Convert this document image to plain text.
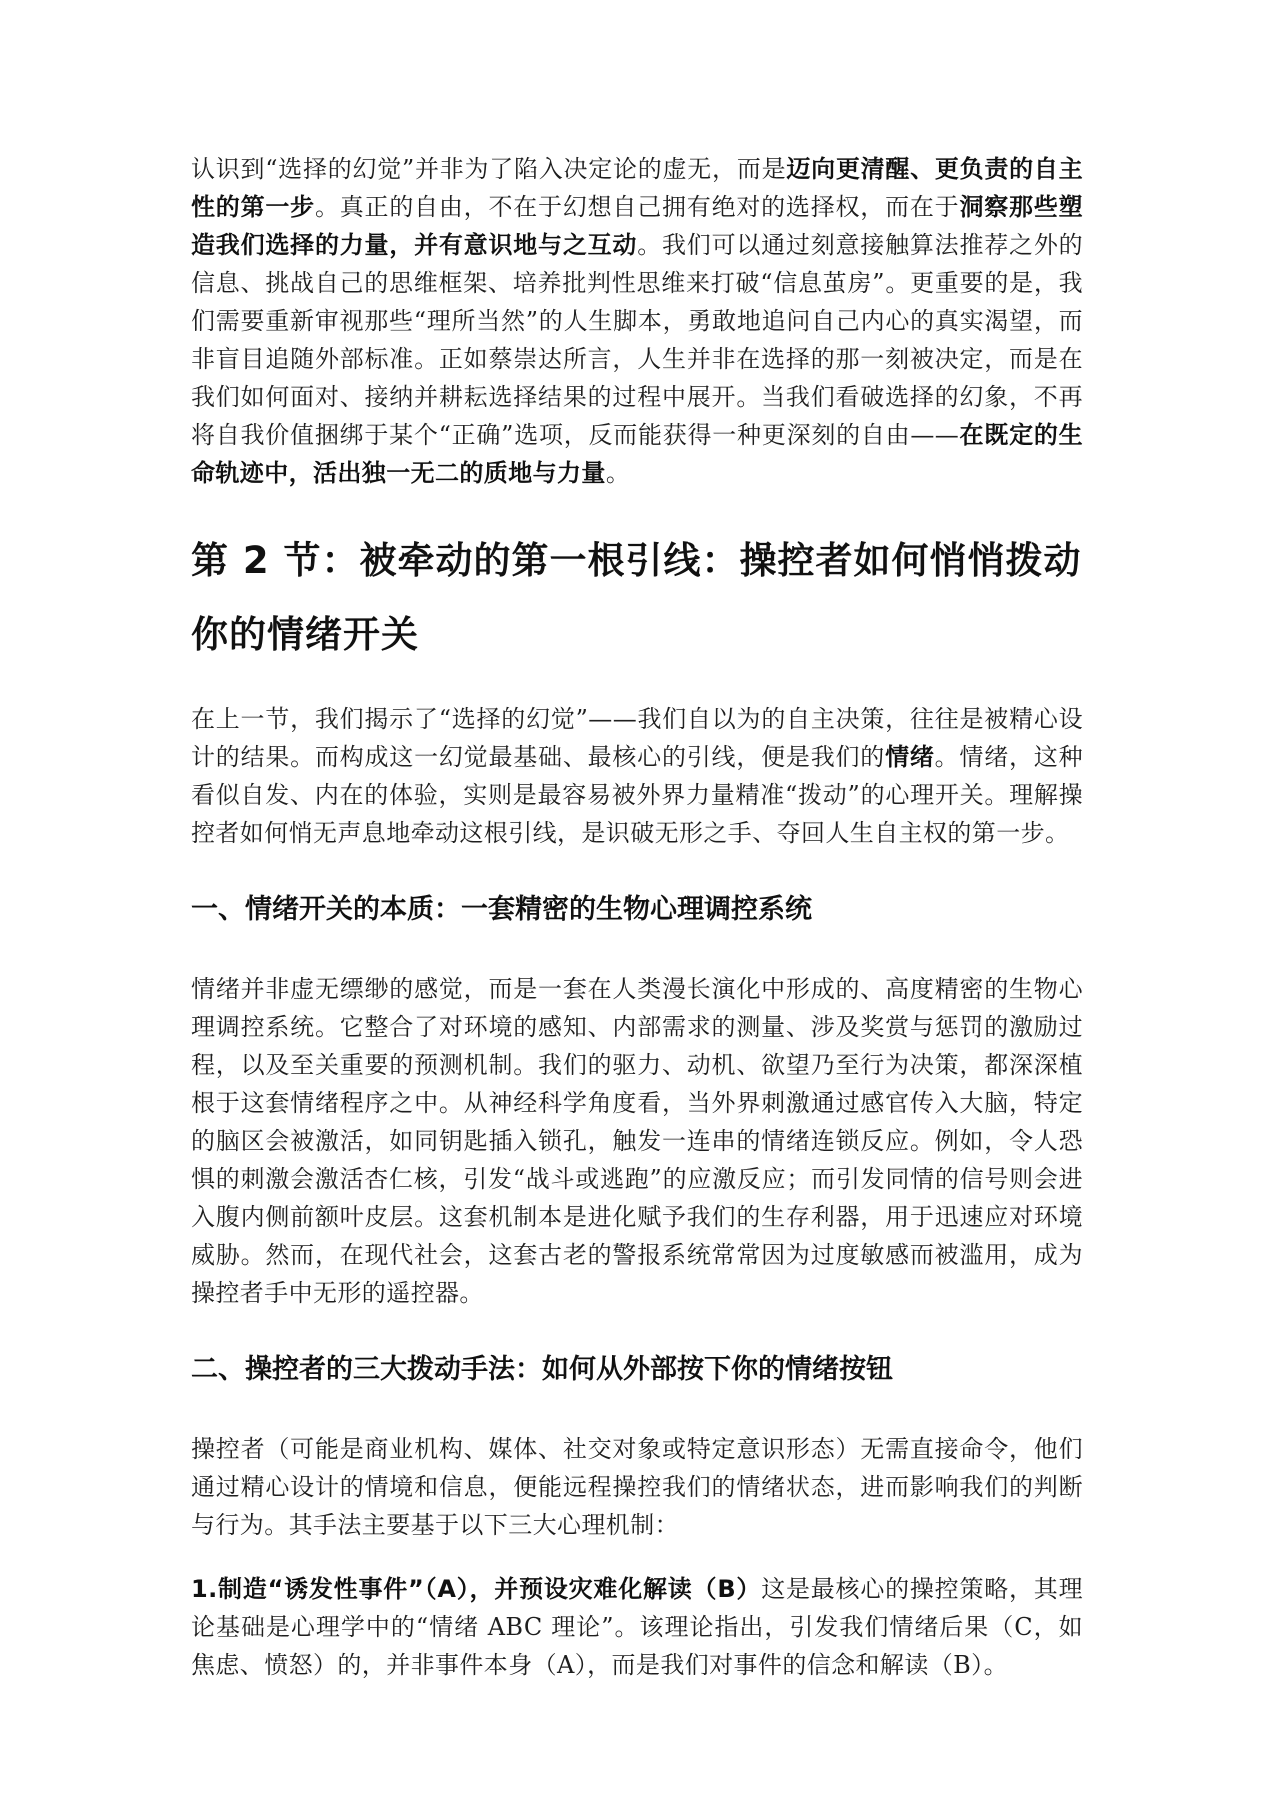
认识到“选择的幻觉”并非为了陷入决定论的虚无，而是迈向更清醒、更负责的自主性的第一步。真正的自由，不在于幻想自己拥有绝对的选择权，而在于洞察那些塑造我们选择的力量，并有意识地与之互动。我们可以通过刻意接触算法推荐之外的信息、挑战自己的思维框架、培养批判性思维来打破“信息茧房”。更重要的是，我们需要重新审视那些“理所当然”的人生脚本，勇敢地追问自己内心的真实渴望，而非盲目追随外部标准。正如蔡崇达所言，人生并非在选择的那一刻被决定，而是在我们如何面对、接纳并耕耘选择结果的过程中展开。当我们看破选择的幻象，不再将自我价值捆绑于某个“正确”选项，反而能获得一种更深刻的自由——在既定的生命轨迹中，活出独一无二的质地与力量。

第 2 节：被牵动的第一根引线：操控者如何悄悄拨动你的情绪开关

在上一节，我们揭示了“选择的幻觉”——我们自以为的自主决策，往往是被精心设计的结果。而构成这一幻觉最基础、最核心的引线，便是我们的情绪。情绪，这种看似自发、内在的体验，实则是最容易被外界力量精准“拨动”的心理开关。理解操控者如何悄无声息地牵动这根引线，是识破无形之手、夺回人生自主权的第一步。

一、情绪开关的本质：一套精密的生物心理调控系统

情绪并非虚无缥缈的感觉，而是一套在人类漫长演化中形成的、高度精密的生物心理调控系统。它整合了对环境的感知、内部需求的测量、涉及奖赏与惩罚的激励过程，以及至关重要的预测机制。我们的驱力、动机、欲望乃至行为决策，都深深植根于这套情绪程序之中。从神经科学角度看，当外界刺激通过感官传入大脑，特定的脑区会被激活，如同钥匙插入锁孔，触发一连串的情绪连锁反应。例如，令人恐惧的刺激会激活杏仁核，引发“战斗或逃跑”的应激反应；而引发同情的信号则会进入腹内侧前额叶皮层。这套机制本是进化赋予我们的生存利器，用于迅速应对环境威胁。然而，在现代社会，这套古老的警报系统常常因为过度敏感而被滥用，成为操控者手中无形的遥控器。

二、操控者的三大拨动手法：如何从外部按下你的情绪按钮

操控者（可能是商业机构、媒体、社交对象或特定意识形态）无需直接命令，他们通过精心设计的情境和信息，便能远程操控我们的情绪状态，进而影响我们的判断与行为。其手法主要基于以下三大心理机制：

1.制造“诱发性事件”（A），并预设灾难化解读（B）这是最核心的操控策略，其理论基础是心理学中的“情绪 ABC 理论”。该理论指出，引发我们情绪后果（C，如焦虑、愤怒）的，并非事件本身（A），而是我们对事件的信念和解读（B）。
